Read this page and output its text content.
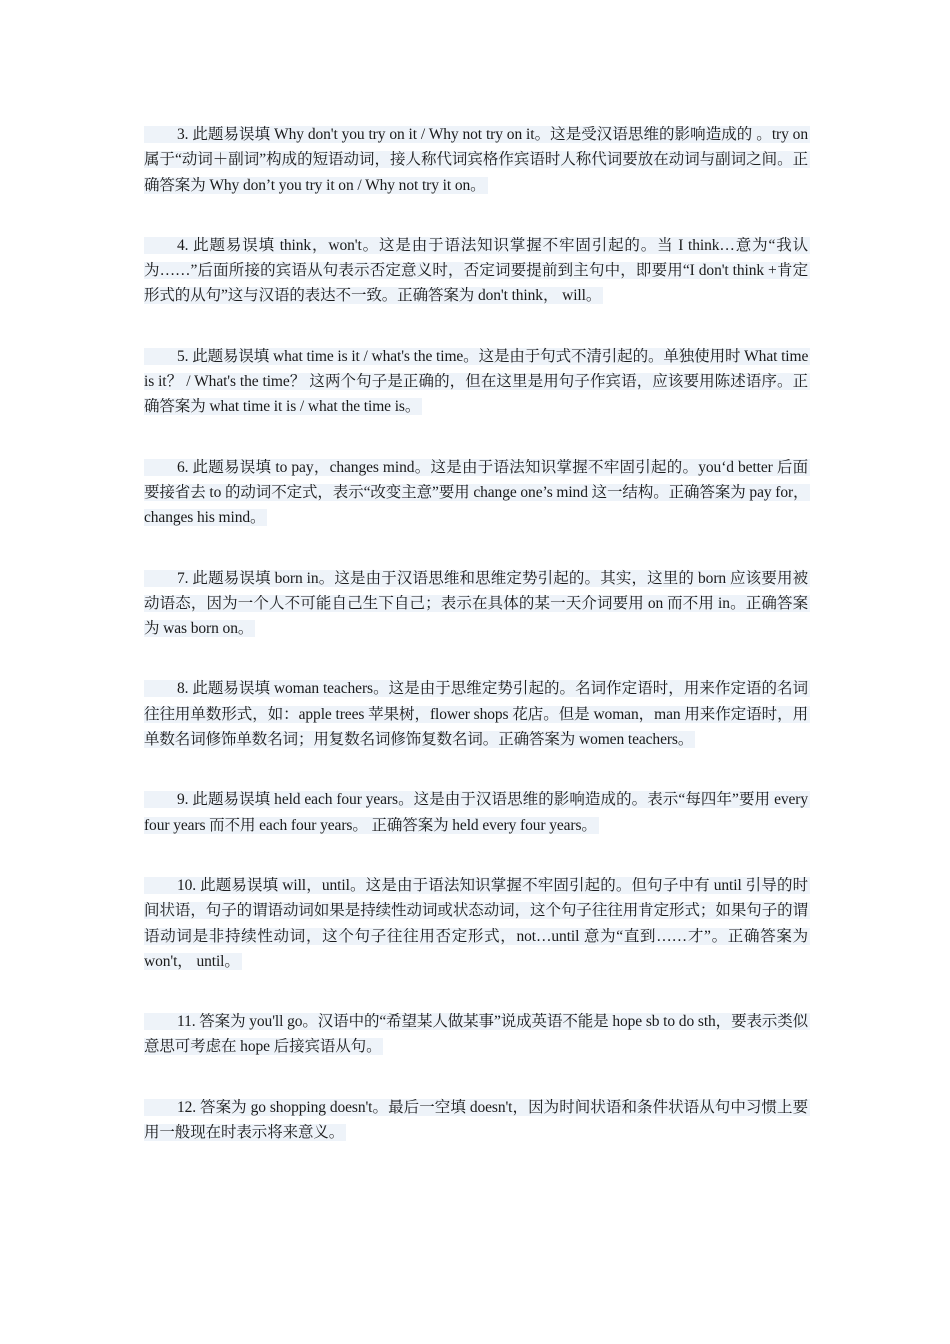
3. 此题易误填 Why don't you try on it / Why not try on it。这是受汉语思维的影响造成的 。try on 属于“动词＋副词”构成的短语动词，接人称代词宾格作宾语时人称代词要放在动词与副词之间。正确答案为 Why don’t you try it on / Why not try it on。

4. 此题易误填 think，won't。这是由于语法知识掌握不牢固引起的。当 I think…意为“我认为……”后面所接的宾语从句表示否定意义时，否定词要提前到主句中，即要用“I don't think +肯定形式的从句”这与汉语的表达不一致。正确答案为 don't think， will。

5. 此题易误填 what time is it / what's the time。这是由于句式不清引起的。单独使用时 What time is it？ / What's the time？ 这两个句子是正确的，但在这里是用句子作宾语，应该要用陈述语序。正确答案为 what time it is / what the time is。

6. 此题易误填 to pay，changes mind。这是由于语法知识掌握不牢固引起的。you‘d better 后面要接省去 to 的动词不定式，表示“改变主意”要用 change one’s mind 这一结构。正确答案为 pay for， changes his mind。

7. 此题易误填 born in。这是由于汉语思维和思维定势引起的。其实，这里的 born 应该要用被动语态，因为一个人不可能自己生下自己；表示在具体的某一天介词要用 on 而不用 in。正确答案为 was born on。

8. 此题易误填 woman teachers。这是由于思维定势引起的。名词作定语时，用来作定语的名词往往用单数形式，如：apple trees 苹果树，flower shops 花店。但是 woman，man 用来作定语时，用单数名词修饰单数名词；用复数名词修饰复数名词。正确答案为 women teachers。

9. 此题易误填 held each four years。这是由于汉语思维的影响造成的。表示“每四年”要用 every four years 而不用 each four years。 正确答案为 held every four years。

10. 此题易误填 will，until。这是由于语法知识掌握不牢固引起的。但句子中有 until 引导的时间状语，句子的谓语动词如果是持续性动词或状态动词，这个句子往往用肯定形式；如果句子的谓语动词是非持续性动词，这个句子往往用否定形式，not…until 意为“直到……才”。正确答案为 won't， until。

11. 答案为 you'll go。汉语中的“希望某人做某事”说成英语不能是 hope sb to do sth，要表示类似意思可考虑在 hope 后接宾语从句。

12. 答案为 go shopping doesn't。最后一空填 doesn't，因为时间状语和条件状语从句中习惯上要用一般现在时表示将来意义。
